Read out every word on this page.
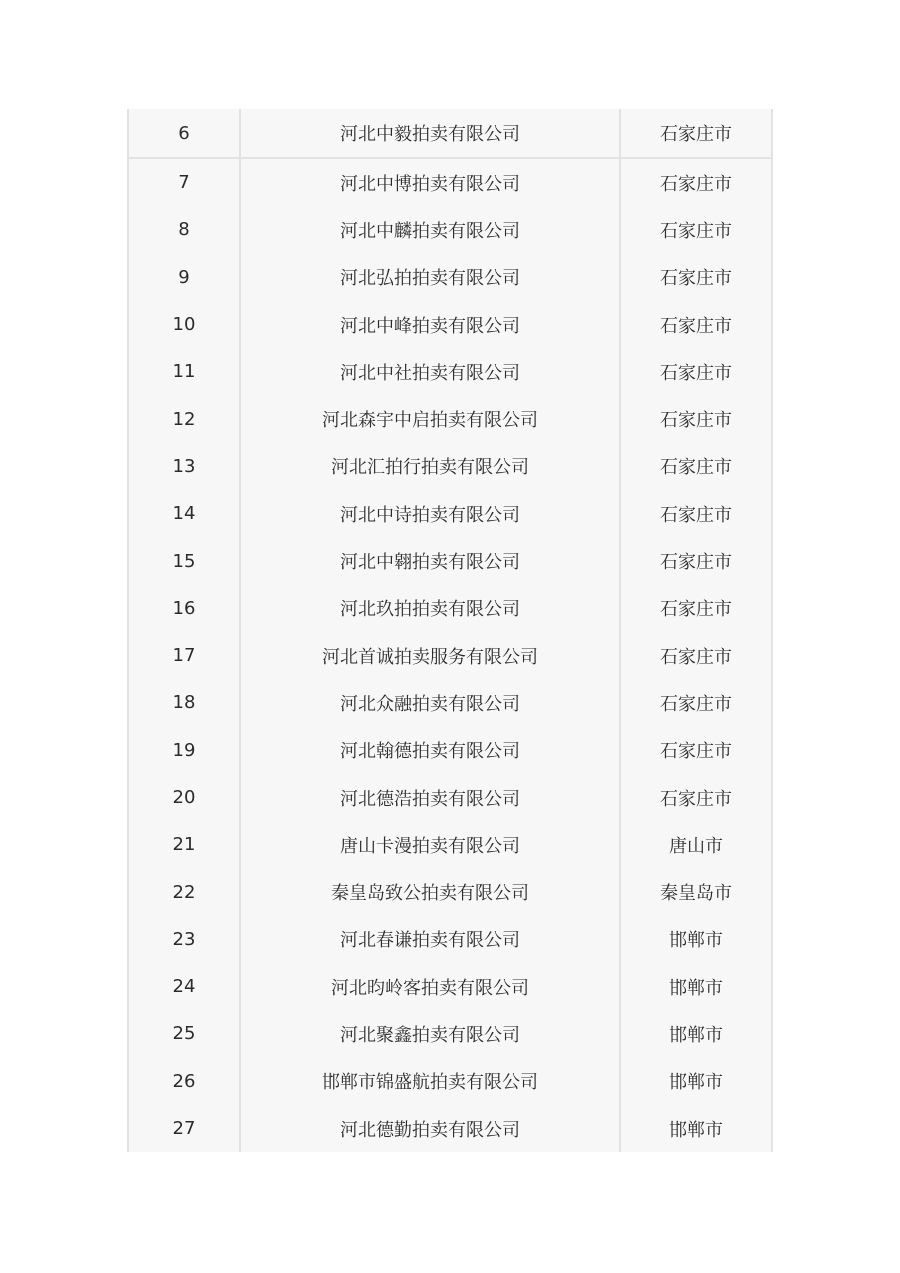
6	河北中毅拍卖有限公司	石家庄市
7	河北中博拍卖有限公司	石家庄市
8	河北中麟拍卖有限公司	石家庄市
9	河北弘拍拍卖有限公司	石家庄市
10	河北中峰拍卖有限公司	石家庄市
11	河北中社拍卖有限公司	石家庄市
12	河北森宇中启拍卖有限公司	石家庄市
13	河北汇拍行拍卖有限公司	石家庄市
14	河北中诗拍卖有限公司	石家庄市
15	河北中翱拍卖有限公司	石家庄市
16	河北玖拍拍卖有限公司	石家庄市
17	河北首诚拍卖服务有限公司	石家庄市
18	河北众融拍卖有限公司	石家庄市
19	河北翰德拍卖有限公司	石家庄市
20	河北德浩拍卖有限公司	石家庄市
21	唐山卡漫拍卖有限公司	唐山市
22	秦皇岛致公拍卖有限公司	秦皇岛市
23	河北春谦拍卖有限公司	邯郸市
24	河北昀岭客拍卖有限公司	邯郸市
25	河北聚鑫拍卖有限公司	邯郸市
26	邯郸市锦盛航拍卖有限公司	邯郸市
27	河北德勤拍卖有限公司	邯郸市
